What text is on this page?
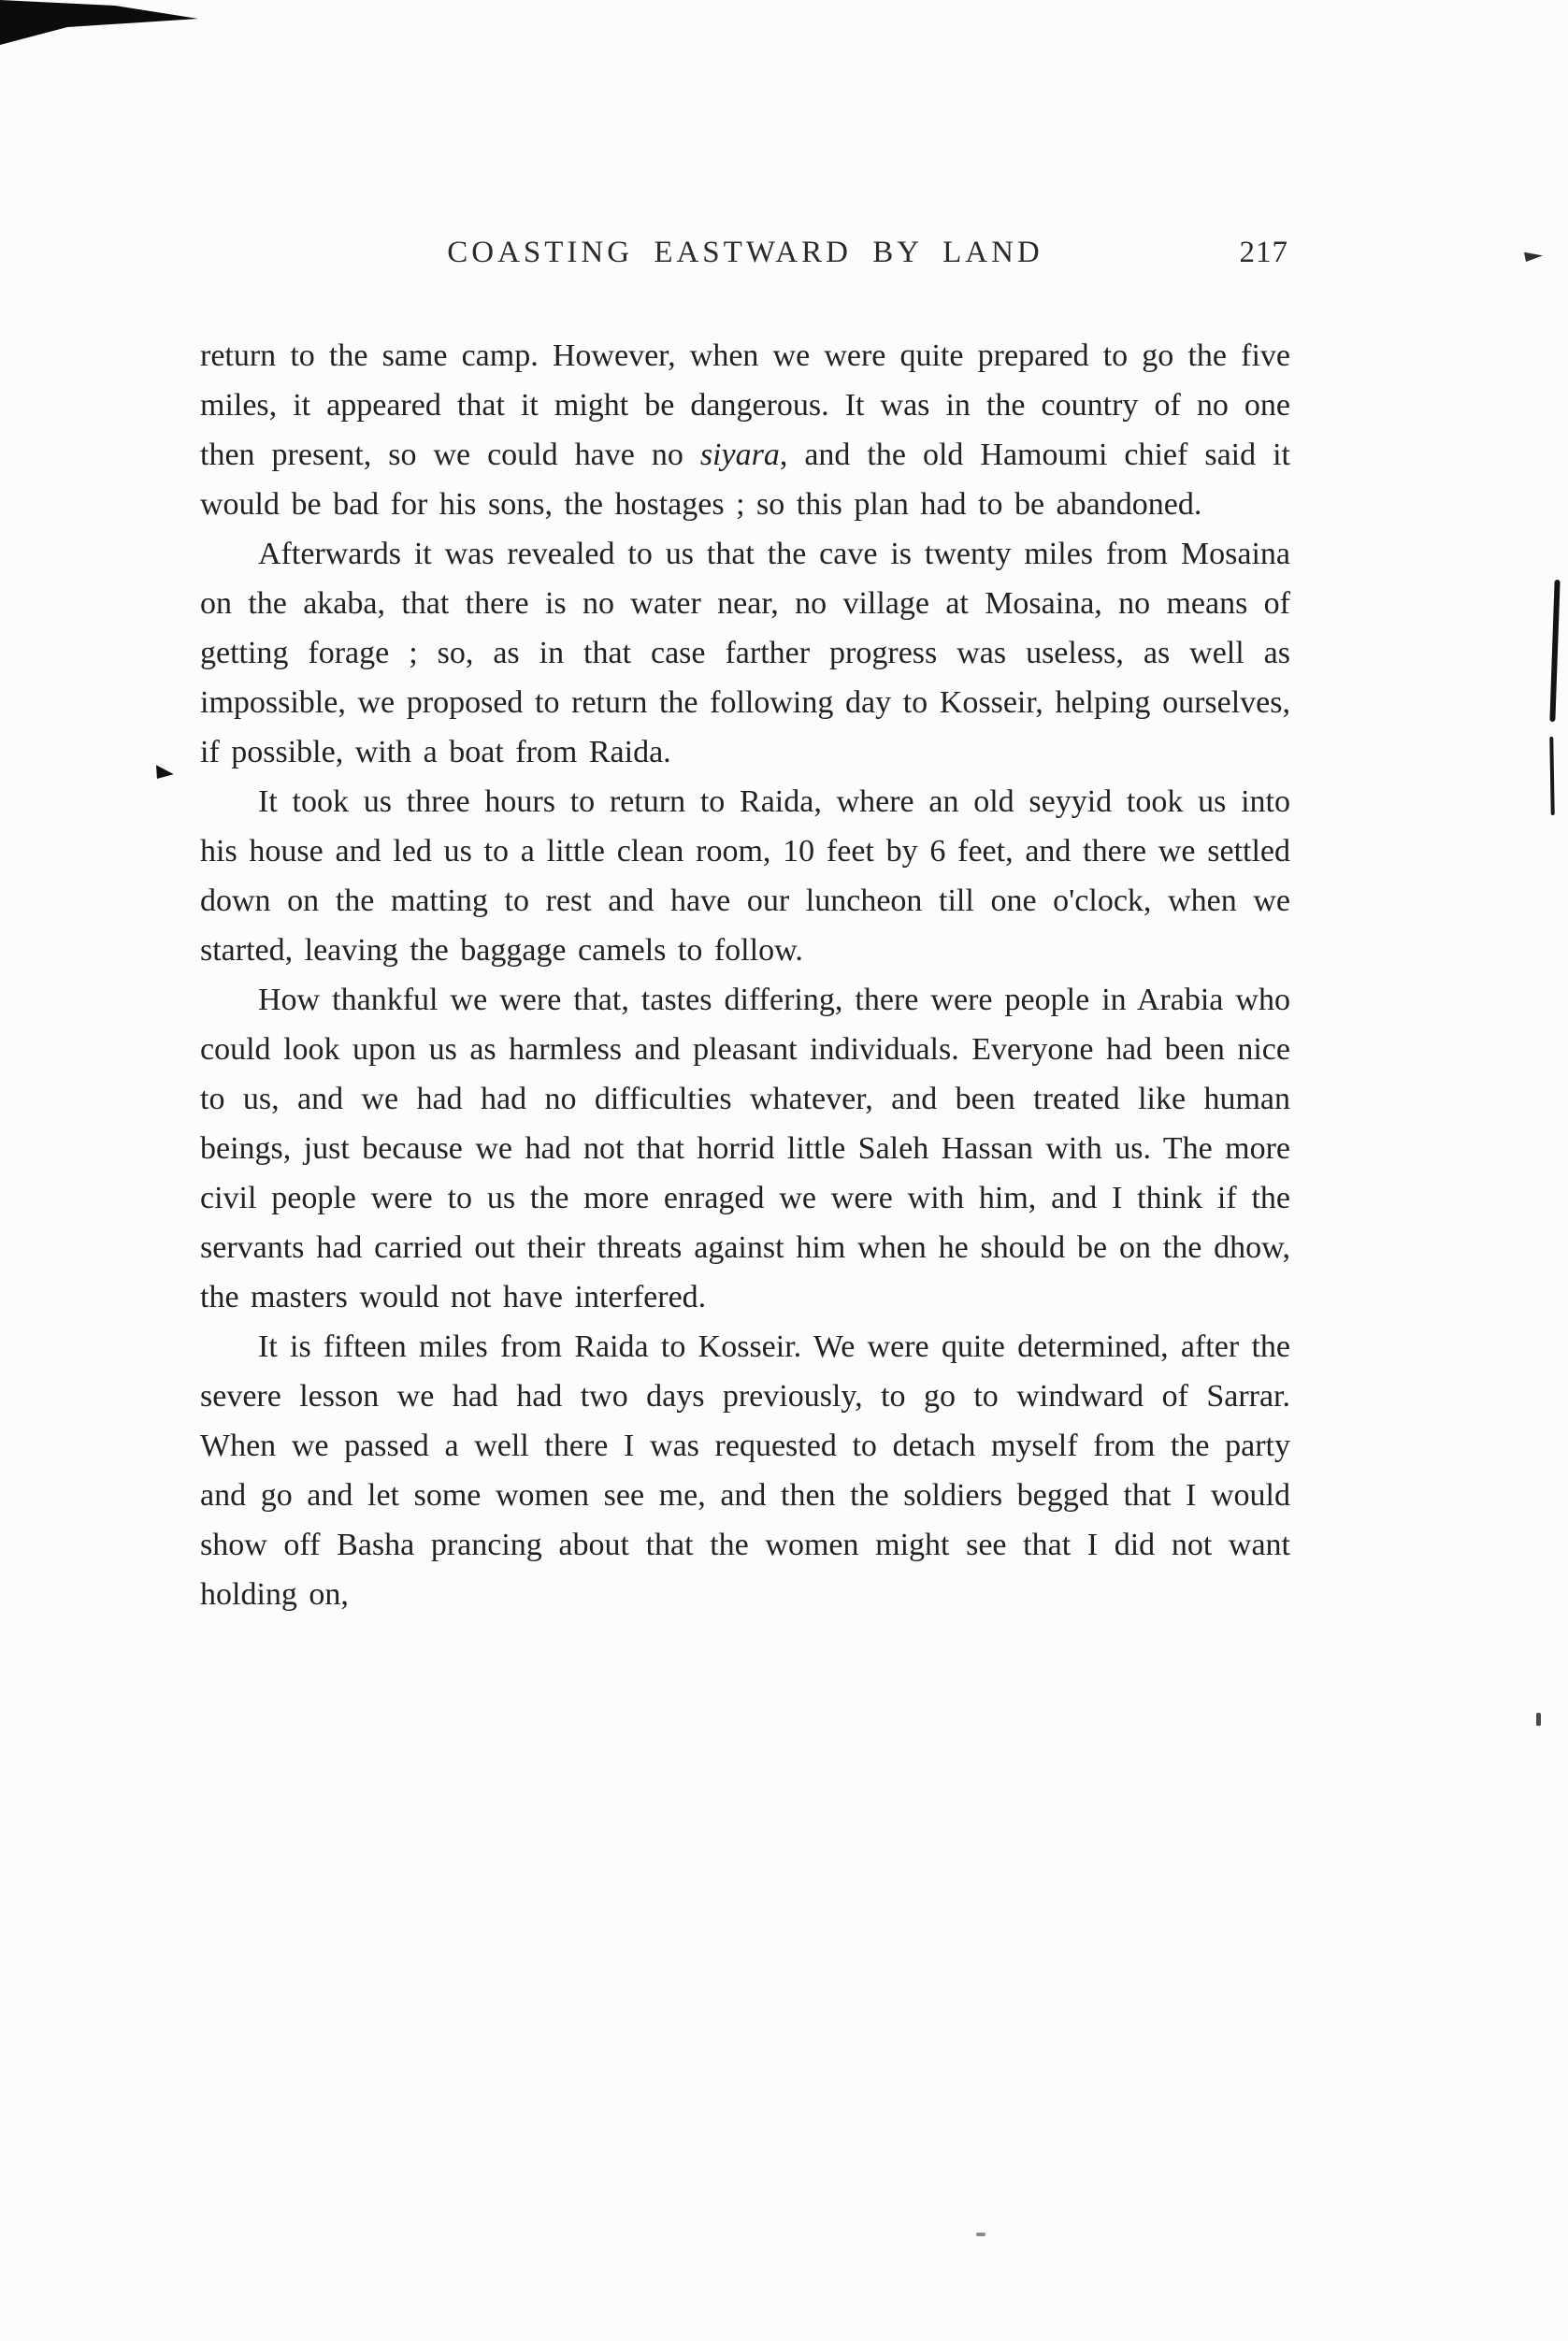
COASTING EASTWARD BY LAND	217

return to the same camp. However, when we were quite prepared to go the five miles, it appeared that it might be dangerous. It was in the country of no one then present, so we could have no siyara, and the old Hamoumi chief said it would be bad for his sons, the hostages ; so this plan had to be abandoned.

Afterwards it was revealed to us that the cave is twenty miles from Mosaina on the akaba, that there is no water near, no village at Mosaina, no means of getting forage ; so, as in that case farther progress was useless, as well as impossible, we proposed to return the following day to Kosseir, helping ourselves, if possible, with a boat from Raida.

It took us three hours to return to Raida, where an old seyyid took us into his house and led us to a little clean room, 10 feet by 6 feet, and there we settled down on the matting to rest and have our luncheon till one o'clock, when we started, leaving the baggage camels to follow.

How thankful we were that, tastes differing, there were people in Arabia who could look upon us as harmless and pleasant individuals. Everyone had been nice to us, and we had had no difficulties whatever, and been treated like human beings, just because we had not that horrid little Saleh Hassan with us. The more civil people were to us the more enraged we were with him, and I think if the servants had carried out their threats against him when he should be on the dhow, the masters would not have interfered.

It is fifteen miles from Raida to Kosseir. We were quite determined, after the severe lesson we had had two days previously, to go to windward of Sarrar. When we passed a well there I was requested to detach myself from the party and go and let some women see me, and then the soldiers begged that I would show off Basha prancing about that the women might see that I did not want holding on,
